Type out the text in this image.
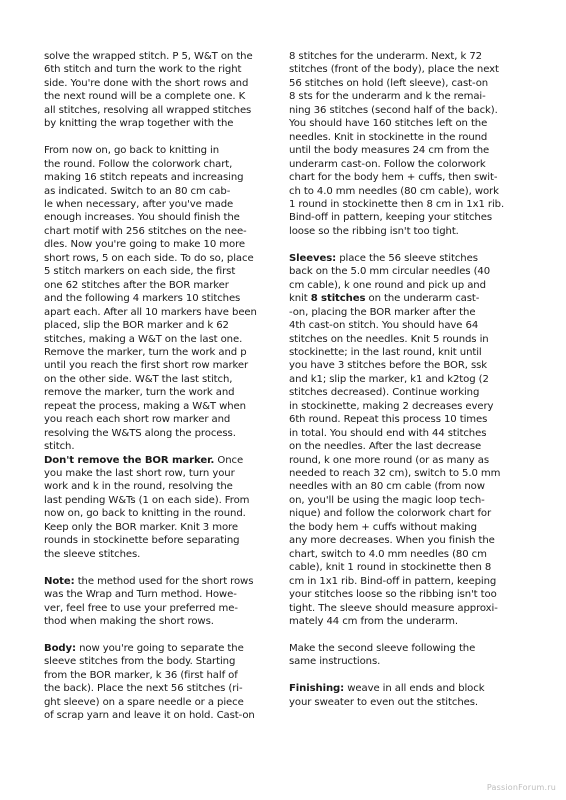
solve the wrapped stitch. P 5, W&T on the

6th stitch and turn the work to the right

side. You're done with the short rows and

the next round will be a complete one. K

all stitches, resolving all wrapped stitches

by knitting the wrap together with the

From now on, go back to knitting in

the round. Follow the colorwork chart,

making 16 stitch repeats and increasing

as indicated. Switch to an 80 cm cab-

le when necessary, after you've made

enough increases. You should finish the

chart motif with 256 stitches on the nee-

dles. Now you're going to make 10 more

short rows, 5 on each side. To do so, place

5 stitch markers on each side, the first

one 62 stitches after the BOR marker

and the following 4 markers 10 stitches

apart each. After all 10 markers have been

placed, slip the BOR marker and k 62

stitches, making a W&T on the last one.

Remove the marker, turn the work and p

until you reach the first short row marker

on the other side. W&T the last stitch,

remove the marker, turn the work and

repeat the process, making a W&T when

you reach each short row marker and

resolving the W&TS along the process.

stitch.

Don't remove the BOR marker. Once

you make the last short row, turn your

work and k in the round, resolving the

last pending W&Ts (1 on each side). From

now on, go back to knitting in the round.

Keep only the BOR marker. Knit 3 more

rounds in stockinette before separating

the sleeve stitches.

Note: the method used for the short rows

was the Wrap and Turn method. Howe-

ver, feel free to use your preferred me-

thod when making the short rows.

Body: now you're going to separate the

sleeve stitches from the body. Starting

from the BOR marker, k 36 (first half of

the back). Place the next 56 stitches (ri-

ght sleeve) on a spare needle or a piece

of scrap yarn and leave it on hold. Cast-on

8 stitches for the underarm. Next, k 72

stitches (front of the body), place the next

56 stitches on hold (left sleeve), cast-on

8 sts for the underarm and k the remai-

ning 36 stitches (second half of the back).

You should have 160 stitches left on the

needles. Knit in stockinette in the round

until the body measures 24 cm from the

underarm cast-on. Follow the colorwork

chart for the body hem + cuffs, then swit-

ch to 4.0 mm needles (80 cm cable), work

1 round in stockinette then 8 cm in 1x1 rib.

Bind-off in pattern, keeping your stitches

loose so the ribbing isn't too tight.

Sleeves: place the 56 sleeve stitches

back on the 5.0 mm circular needles (40

cm cable), k one round and pick up and

knit 8 stitches on the underarm cast-

-on, placing the BOR marker after the

4th cast-on stitch. You should have 64

stitches on the needles. Knit 5 rounds in

stockinette; in the last round, knit until

you have 3 stitches before the BOR, ssk

and k1; slip the marker, k1 and k2tog (2

stitches decreased). Continue working

in stockinette, making 2 decreases every

6th round. Repeat this process 10 times

in total. You should end with 44 stitches

on the needles. After the last decrease

round, k one more round (or as many as

needed to reach 32 cm), switch to 5.0 mm

needles with an 80 cm cable (from now

on, you'll be using the magic loop tech-

nique) and follow the colorwork chart for

the body hem + cuffs without making

any more decreases. When you finish the

chart, switch to 4.0 mm needles (80 cm

cable), knit 1 round in stockinette then 8

cm in 1x1 rib. Bind-off in pattern, keeping

your stitches loose so the ribbing isn't too

tight. The sleeve should measure approxi-

mately 44 cm from the underarm.

Make the second sleeve following the

same instructions.

Finishing: weave in all ends and block

your sweater to even out the stitches.

PassionForum.ru
